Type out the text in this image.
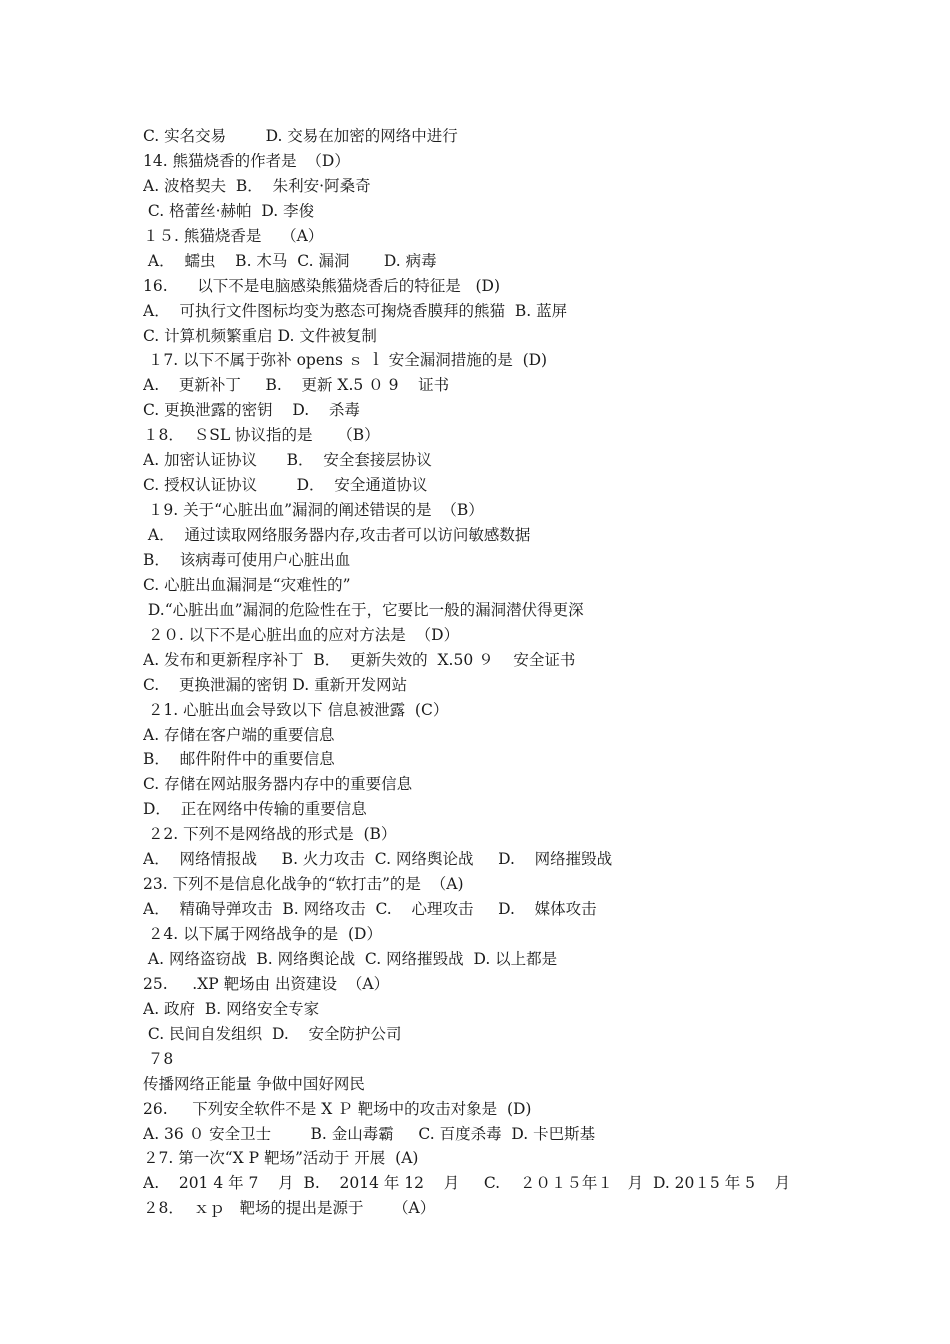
C. 实名交易        D. 交易在加密的网络中进行
14. 熊猫烧香的作者是  （D）
A. 波格契夫  B．  朱利安·阿桑奇
C. 格蕾丝·赫帕  D. 李俊
１５. 熊猫烧香是    （A）
A．  蠕虫    B. 木马  C. 漏洞       D. 病毒
16.      以下不是电脑感染熊猫烧香后的特征是   (D)
A．  可执行文件图标均变为憨态可掬烧香膜拜的熊猫  B. 蓝屏
C. 计算机频繁重启 D. 文件被复制
１7. 以下不属于弥补 opens ｓ ｌ 安全漏洞措施的是  (D)
A.    更新补丁     B.    更新 X.5 ０ 9    证书
C. 更换泄露的密钥    D.    杀毒
１8．  ＳSL 协议指的是     （B）
A. 加密认证协议      B．  安全套接层协议
C. 授权认证协议        D．  安全通道协议
１9. 关于“心脏出血”漏洞的阐述错误的是  （B）
A．  通过读取网络服务器内存,攻击者可以访问敏感数据
B．  该病毒可使用户心脏出血
C. 心脏出血漏洞是“灾难性的”
D.“心脏出血”漏洞的危险性在于，它要比一般的漏洞潜伏得更深
２０. 以下不是心脏出血的应对方法是  （D）
A. 发布和更新程序补丁  B．  更新失效的  X.50 ９    安全证书
C.    更换泄漏的密钥 D. 重新开发网站
２1. 心脏出血会导致以下 信息被泄露  (C）
A. 存储在客户端的重要信息
B．  邮件附件中的重要信息
C. 存储在网站服务器内存中的重要信息
D．  正在网络中传输的重要信息
２2. 下列不是网络战的形式是  (B）
A．  网络情报战     B. 火力攻击  C. 网络舆论战     D.    网络摧毁战
23. 下列不是信息化战争的“软打击”的是  （A)
A．  精确导弹攻击  B. 网络攻击  C.    心理攻击     D.    媒体攻击
２4. 以下属于网络战争的是  (D）
A. 网络盗窃战  B. 网络舆论战  C. 网络摧毁战  D. 以上都是
25.     .XP 靶场由 出资建设  （A）
A. 政府  B. 网络安全专家
C. 民间自发组织  D.    安全防护公司
７8
传播网络正能量 争做中国好网民
26.     下列安全软件不是 X Ｐ 靶场中的攻击对象是  (D)
A. 36 ０ 安全卫士        B. 金山毒霸     C. 百度杀毒  D. 卡巴斯基
２7. 第一次“X P 靶场”活动于 开展  (A)
A.    201 4 年 7    月  B.    2014 年 12    月     C.    ２０１５年１   月  D. 20１5 年 5    月
２8．  ｘｐ   靶场的提出是源于      （A）
